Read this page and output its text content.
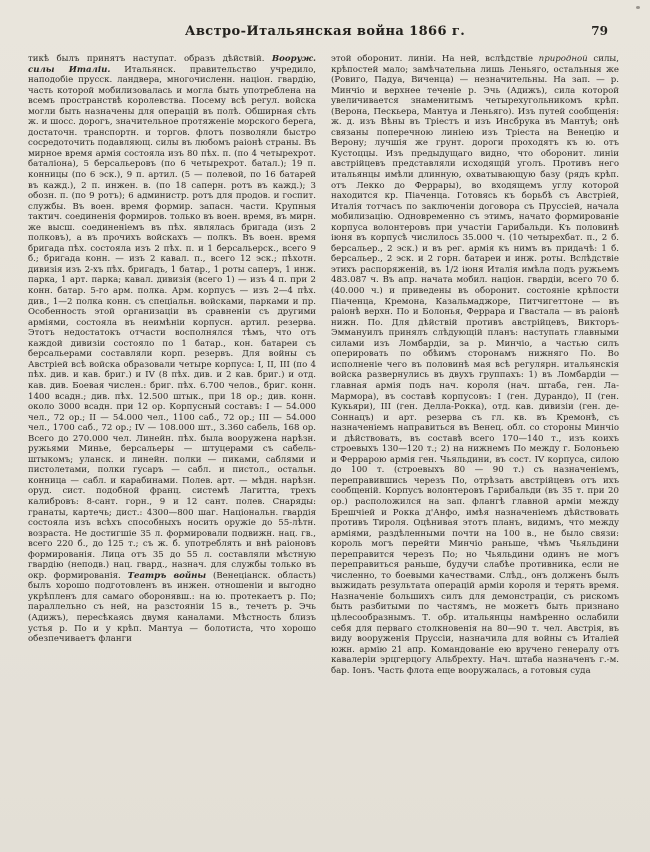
Австро-Итальянская война 1866 г.	79

тикѣ былъ принятъ наступат. образъ дѣйствій. Вооруж. силы Италіи. Итальянск. правительство учредило, наподобіе прусск. ландвера, многочисленн. націон. гвардію, часть которой мобилизовалась и могла быть употреблена на всемъ пространствѣ королевства. Посему всѣ регул. войска могли быть назначены для операцій въ полѣ. Обширная сѣть ж. и шосс. дорогъ, значительное протяженіе морского берега, достаточн. транспортн. и торгов. флотъ позволяли быстро сосредоточить подавляющ. силы въ любомъ раіонѣ страны. Въ мирное время армія состояла изъ 80 пѣх. п. (по 4 четырехрот. баталіона), 5 берсальеровъ (по 6 четырехрот. батал.); 19 п. конницы (по 6 эск.), 9 п. артил. (5 — полевой, по 16 батарей въ кажд.), 2 п. инжен. в. (по 18 саперн. ротъ въ кажд.); 3 обозн. п. (по 9 ротъ); 6 администр. ротъ для продов. и госпит. службы. Въ воен. время формир. запасн. части. Крупныя тактич. соединенія формиров. только въ воен. время, въ мирн. же высш. соединеніемъ въ пѣх. являлась бригада (изъ 2 полковъ), а въ прочихъ войскахъ — полкъ. Въ воен. время бригада пѣх. состояла изъ 2 пѣх. п. и 1 берсальерск., всего 9 б.; бригада конн. — изъ 2 кавал. п., всего 12 эск.; пѣхотн. дивизія изъ 2-хъ пѣх. бригадъ, 1 батар., 1 роты саперъ, 1 инж. парка, 1 арт. парка; кавал. дивизія (всего 1) — изъ 4 п. при 2 конн. батар. 5-го арм. полка. Арм. корпусъ — изъ 2—4 пѣх. див., 1—2 полка конн. съ спеціальн. войсками, парками и пр. Особенность этой организаціи въ сравненіи съ другими арміями, состояла въ неимѣніи корпусн. артил. резерва. Этотъ недостатокъ отчасти восполнялся тѣмъ, что отъ каждой дивизіи состояло по 1 батар., кон. батареи съ берсальерами составляли корп. резервъ. Для войны съ Австріей всѣ войска образовали четыре корпуса: I, II, III (по 4 пѣх. див. и кав. бриг.) и IV (8 пѣх. див. и 2 кав. бриг.) и отд. кав. див. Боевая числен.: бриг. пѣх. 6.700 челов., бриг. конн. 1400 всадн.; див. пѣх. 12.500 штык., при 18 ор.; див. конн. около 3000 всадн. при 12 ор. Корпусный составъ: I — 54.000 чел., 72 ор.; II — 54.000 чел., 1100 саб., 72 ор.; III — 54.000 чел., 1700 саб., 72 ор.; IV — 108.000 шт., 3.360 сабель, 168 ор. Всего до 270.000 чел. Линейн. пѣх. была вооружена нарѣзн. ружьями Минье, берсальеры — штуцерами съ сабель-штыкомъ; уланск. и линейн. полки — пиками, саблями и пистолетами, полки гусаръ — сабл. и пистол., остальн. конница — сабл. и карабинами. Полев. арт. — мѣдн. нарѣзн. оруд. сист. подобной франц. системѣ Лагитта, трехъ калибровъ: 8-сант. горн., 9 и 12 сант. полев. Снаряды: гранаты, картечь; дист.: 4300—800 шаг. Національн. гвардія состояла изъ всѣхъ способныхъ носить оружіе до 55-лѣтн. возраста. Не достигшіе 35 л. формировали подвижн. нац. гв., всего 220 б., до 125 т.; съ ж. б. употреблять и внѣ раіоновъ формированія. Лица отъ 35 до 55 л. составляли мѣстную гвардію (неподв.) нац. гвард., назнач. для службы только въ окр. формированія. Театръ войны (Венеціанск. область) былъ хорошо подготовленъ въ инжен. отношеніи и выгодно укрѣпленъ для самаго оборонявш.: на ю. протекаетъ р. По; параллельно съ ней, на разстояніи 15 в., течетъ р. Эчь (Адижъ), пересѣкаясь двумя каналами. Мѣстность близъ устья р. По и у крѣп. Мантуа — болотиста, что хорошо обезпечиваетъ фланги

этой оборонит. линіи. На ней, вслѣдствіе природной силы, крѣпостей мало; замѣчательна лишь Леньяго, остальныя же (Ровиго, Падуа, Виченца) — незначительны. На зап. — р. Минчіо и верхнее теченіе р. Эчь (Адижъ), сила которой увеличивается знаменитымъ четырехугольникомъ крѣп. (Верона, Пескьера, Мантуа и Леньяго). Изъ путей сообщенія: ж. д. изъ Вѣны въ Тріестъ и изъ Инсбрука въ Мантуѣ; онѣ связаны поперечною линіею изъ Тріеста на Венецію и Верону; лучшія же грунт. дороги проходятъ къ ю. отъ Кустоццы. Изъ предыдущаго видно, что оборонит. линіи австрійцевъ представляли исходящій уголъ. Противъ него итальянцы имѣли длинную, охватывающую базу (рядъ крѣп. отъ Лекко до Феррары), во входящемъ углу которой находится кр. Піаченца. Готовясь къ борьбѣ съ Австріей, Италія тотчасъ по заключеніи договора съ Пруссіей, начала мобилизацію. Одновременно съ этимъ, начато формированіе корпуса волонтеровъ при участіи Гарибальди. Къ половинѣ іюня въ корпусѣ числилось 35.000 ч. (10 четырехбат. п., 2 б. берсальер., 2 эск.) и въ рег. армія къ нимъ въ придачѣ: 1 б. берсальер., 2 эск. и 2 горн. батареи и инж. роты. Вслѣдствіе этихъ распоряженій, въ 1/2 іюня Италія имѣла подъ ружьемъ 483.087 ч. Въ апр. начата мобил. націон. гвардіи, всего 70 б. (40.000 ч.) и приведены въ оборонит. состояніе крѣпости Піаченца, Кремона, Казальмаджоре, Питчигеттоне — въ раіонѣ верхн. По и Болонья, Феррара и Гвастала — въ раіонѣ нижн. По. Для дѣйствій противъ австрійцевъ, Викторъ-Эммануилъ принялъ слѣдующій планъ: наступать главными силами изъ Ломбардіи, за р. Минчіо, а частью силъ оперировать по обѣимъ сторонамъ нижняго По. Во исполненіе чего въ половинѣ мая всѣ регулярн. итальянскія войска развернулись въ двухъ группахъ: 1) въ Ломбардіи — главная армія подъ нач. короля (нач. штаба, ген. Ла-Мармора), въ составѣ корпусовъ: I (ген. Дурандо), II (ген. Кукьяри), III (ген. Делла-Рокка), отд. кав. дивизіи (ген. де-Соннацъ) и арт. резерва съ гл. кв. въ Кремонѣ, съ назначеніемъ направиться въ Венец. обл. со стороны Минчіо и дѣйствовать, въ составѣ всего 170—140 т., изъ коихъ строевыхъ 130—120 т.; 2) на нижнемъ По между г. Болоньею и Феррарою армія ген. Чьяльдини, въ сост. IV корпуса, силою до 100 т. (строевыхъ 80 — 90 т.) съ назначеніемъ, переправившись черезъ По, отрѣзать австрійцевъ отъ ихъ сообщеній. Корпусъ волонтеровъ Гарибальди (въ 35 т. при 20 ор.) расположился на зап. флангѣ главной арміи между Брешчіей и Рокка д'Анфо, имѣя назначеніемъ дѣйствовать противъ Тироля. Оцѣнивая этотъ планъ, видимъ, что между арміями, раздѣленными почти на 100 в., не было связи: король могъ перейти Минчіо раньше, чѣмъ Чьяльдини переправится черезъ По; но Чьяльдини одинъ не могъ переправиться раньше, будучи слабѣе противника, если не численно, то боевыми качествами. Слѣд., онъ долженъ былъ выжидать результата операцій арміи короля и терять время. Назначеніе большихъ силъ для демонстраціи, съ рискомъ быть разбитыми по частямъ, не можетъ быть признано цѣлесообразнымъ. Т. обр. итальянцы намѣренно ослабили себя для перваго столкновенія на 80—90 т. чел. Австрія, въ виду вооруженія Пруссіи, назначила для войны съ Италіей южн. армію 21 апр. Командованіе ею вручено генералу отъ кавалеріи эрцгерцогу Альбрехту. Нач. штаба назначенъ г.-м. бар. Іонъ. Часть флота еще вооружалась, а готовыя суда
